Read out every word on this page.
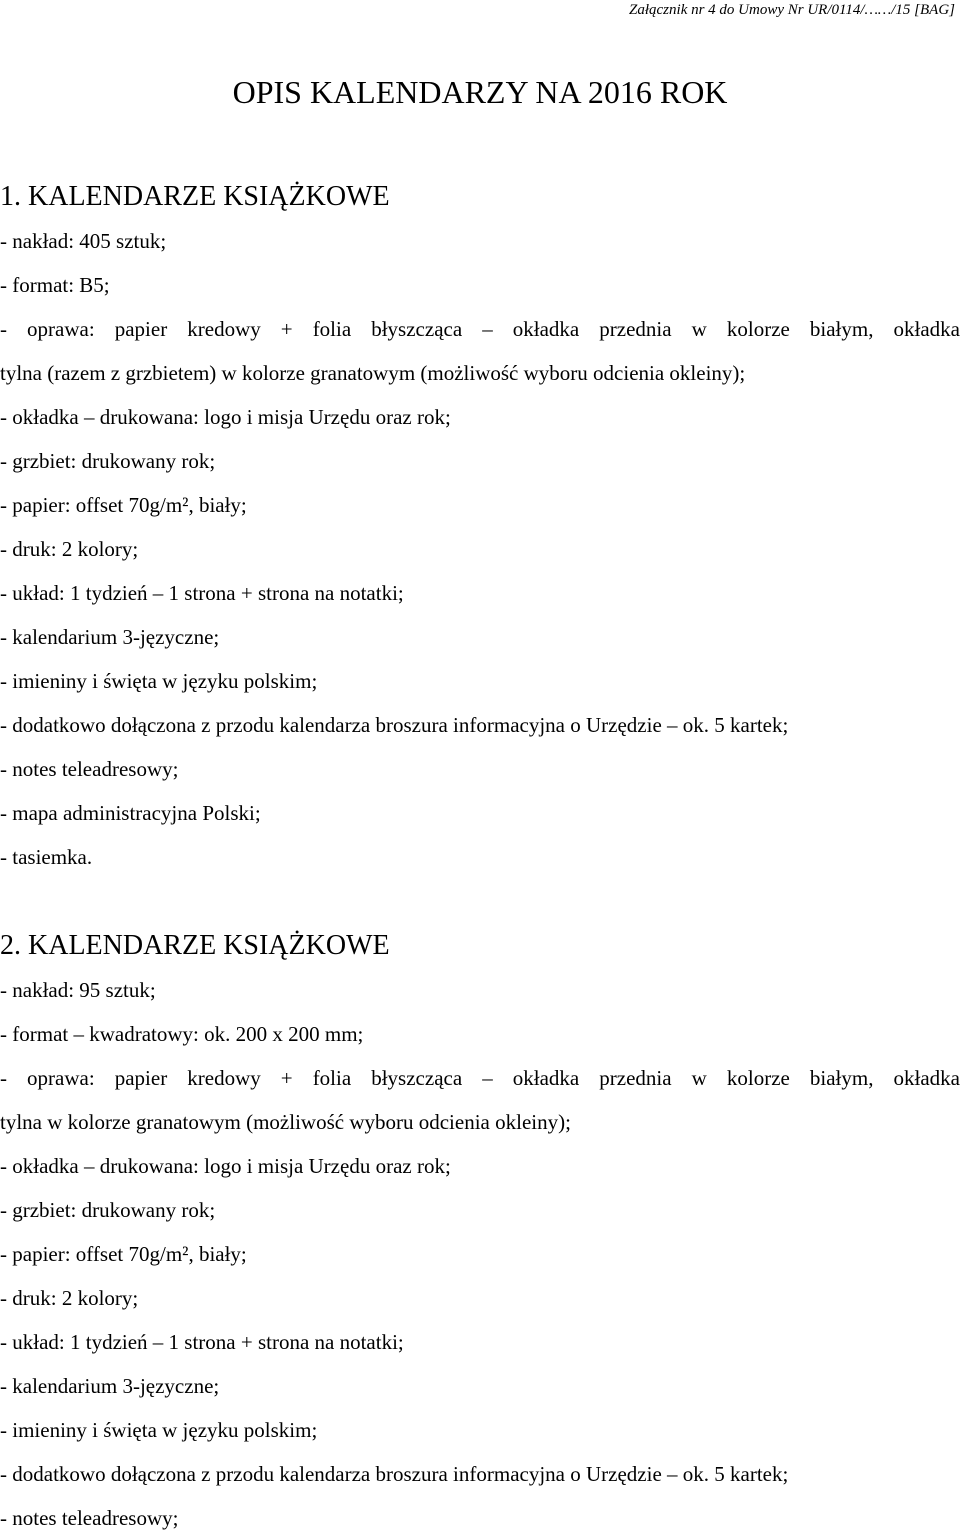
Załącznik nr 4 do Umowy Nr UR/0114/……/15 [BAG]
OPIS KALENDARZY NA 2016 ROK
1. KALENDARZE KSIĄŻKOWE
- nakład: 405 sztuk;
- format: B5;
- oprawa: papier kredowy + folia błyszcząca – okładka przednia w kolorze białym, okładka
tylna (razem z grzbietem) w kolorze granatowym (możliwość wyboru odcienia okleiny);
- okładka – drukowana: logo i misja Urzędu oraz rok;
- grzbiet: drukowany rok;
- papier: offset 70g/m², biały;
- druk: 2 kolory;
- układ: 1 tydzień – 1 strona + strona na notatki;
- kalendarium 3-języczne;
- imieniny i święta w języku polskim;
- dodatkowo dołączona z przodu kalendarza broszura informacyjna o Urzędzie – ok. 5 kartek;
- notes teleadresowy;
- mapa administracyjna Polski;
- tasiemka.
2. KALENDARZE KSIĄŻKOWE
- nakład: 95 sztuk;
- format – kwadratowy: ok. 200 x 200 mm;
- oprawa: papier kredowy + folia błyszcząca – okładka przednia w kolorze białym, okładka
tylna w kolorze granatowym (możliwość wyboru odcienia okleiny);
- okładka – drukowana: logo i misja Urzędu oraz rok;
- grzbiet: drukowany rok;
- papier: offset 70g/m², biały;
- druk: 2 kolory;
- układ: 1 tydzień – 1 strona + strona na notatki;
- kalendarium 3-języczne;
- imieniny i święta w języku polskim;
- dodatkowo dołączona z przodu kalendarza broszura informacyjna o Urzędzie – ok. 5 kartek;
- notes teleadresowy;
